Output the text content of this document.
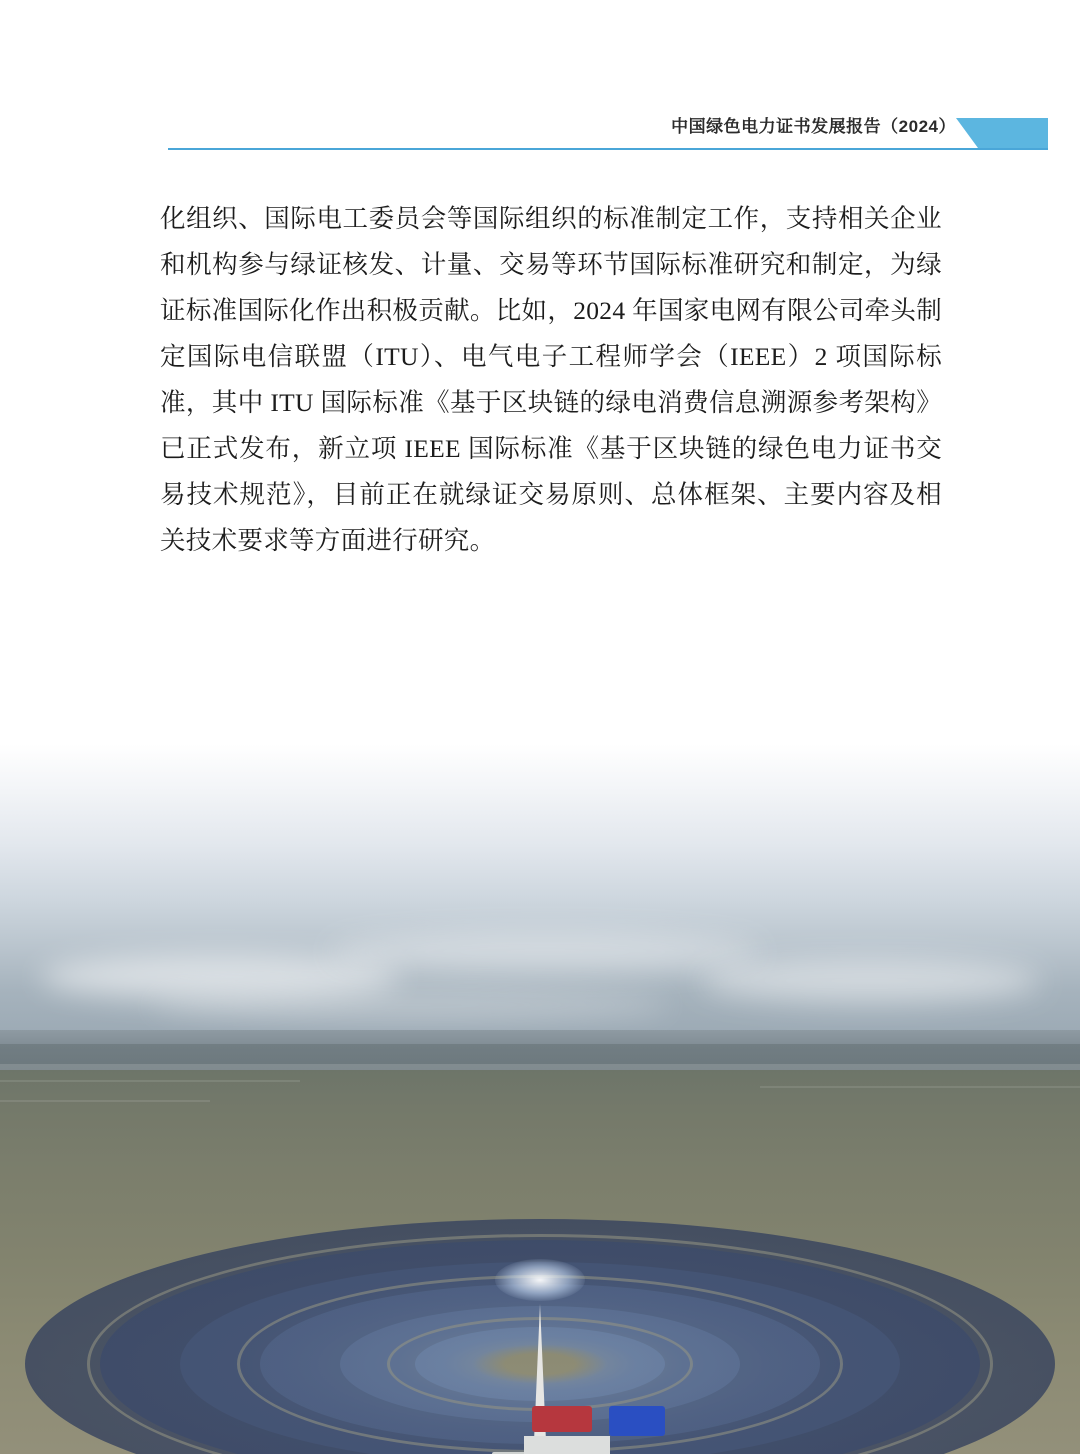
中国绿色电力证书发展报告（2024）

化组织、国际电工委员会等国际组织的标准制定工作，支持相关企业和机构参与绿证核发、计量、交易等环节国际标准研究和制定，为绿证标准国际化作出积极贡献。比如，2024 年国家电网有限公司牵头制定国际电信联盟（ITU）、电气电子工程师学会（IEEE）2 项国际标准，其中 ITU 国际标准《基于区块链的绿电消费信息溯源参考架构》已正式发布，新立项 IEEE 国际标准《基于区块链的绿色电力证书交易技术规范》，目前正在就绿证交易原则、总体框架、主要内容及相关技术要求等方面进行研究。
